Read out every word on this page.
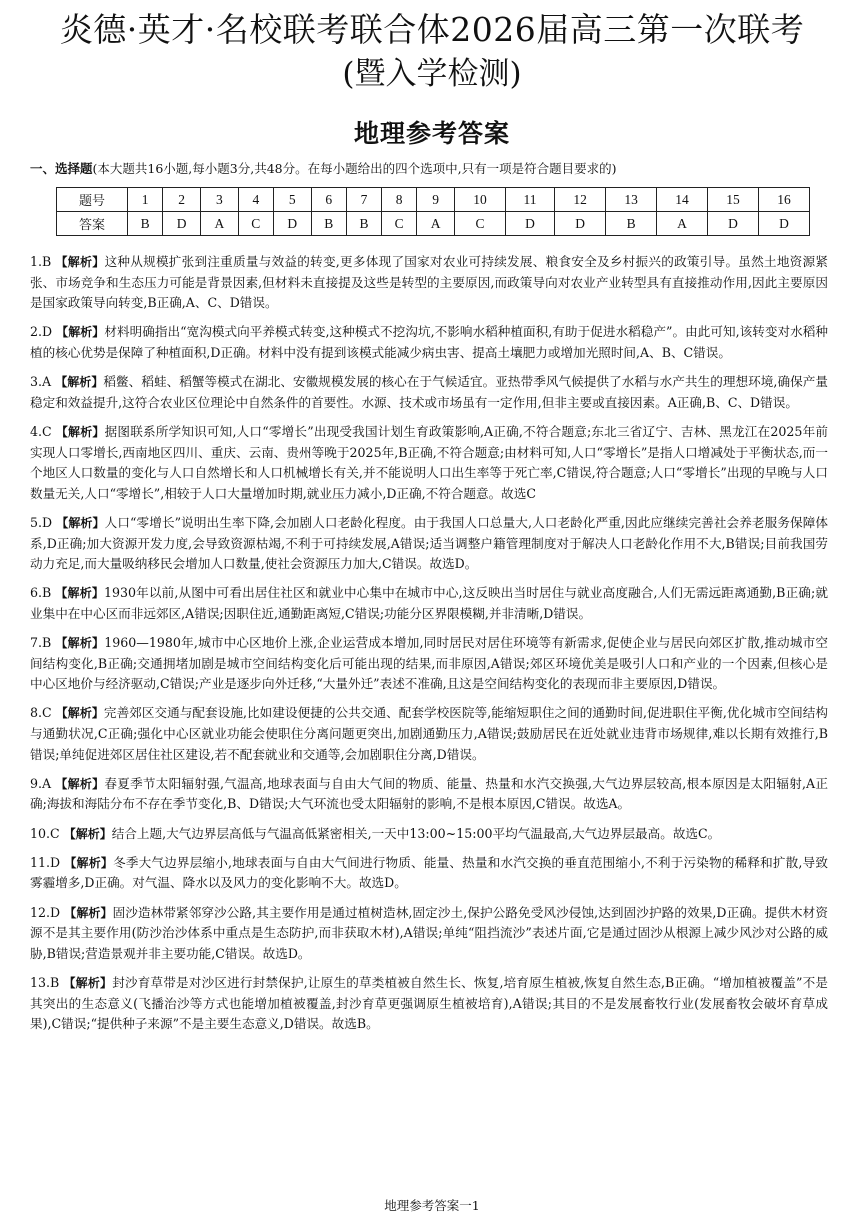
炎德·英才·名校联考联合体2026届高三第一次联考
(暨入学检测)
地理参考答案
一、选择题(本大题共16小题,每小题3分,共48分。在每小题给出的四个选项中,只有一项是符合题目要求的)
题号	1	2	3	4	5	6	7	8	9	10	11	12	13	14	15	16
答案	B	D	A	C	D	B	B	C	A	C	D	D	B	A	D	D
1.B 【解析】这种从规模扩张到注重质量与效益的转变,更多体现了国家对农业可持续发展、粮食安全及乡村振兴的政策引导。虽然土地资源紧张、市场竞争和生态压力可能是背景因素,但材料未直接提及这些是转型的主要原因,而政策导向对农业产业转型具有直接推动作用,因此主要原因是国家政策导向转变,B正确,A、C、D错误。
2.D 【解析】材料明确指出“宽沟模式向平养模式转变,这种模式不挖沟坑,不影响水稻种植面积,有助于促进水稻稳产”。由此可知,该转变对水稻种植的核心优势是保障了种植面积,D正确。材料中没有提到该模式能减少病虫害、提高土壤肥力或增加光照时间,A、B、C错误。
3.A 【解析】稻鳖、稻蛙、稻蟹等模式在湖北、安徽规模发展的核心在于气候适宜。亚热带季风气候提供了水稻与水产共生的理想环境,确保产量稳定和效益提升,这符合农业区位理论中自然条件的首要性。水源、技术或市场虽有一定作用,但非主要或直接因素。A正确,B、C、D错误。
4.C 【解析】据图联系所学知识可知,人口“零增长”出现受我国计划生育政策影响,A正确,不符合题意;东北三省辽宁、吉林、黑龙江在2025年前实现人口零增长,西南地区四川、重庆、云南、贵州等晚于2025年,B正确,不符合题意;由材料可知,人口“零增长”是指人口增减处于平衡状态,而一个地区人口数量的变化与人口自然增长和人口机械增长有关,并不能说明人口出生率等于死亡率,C错误,符合题意;人口“零增长”出现的早晚与人口数量无关,人口“零增长”,相较于人口大量增加时期,就业压力减小,D正确,不符合题意。故选C
5.D 【解析】人口“零增长”说明出生率下降,会加剧人口老龄化程度。由于我国人口总量大,人口老龄化严重,因此应继续完善社会养老服务保障体系,D正确;加大资源开发力度,会导致资源枯竭,不利于可持续发展,A错误;适当调整户籍管理制度对于解决人口老龄化作用不大,B错误;目前我国劳动力充足,而大量吸纳移民会增加人口数量,使社会资源压力加大,C错误。故选D。
6.B 【解析】1930年以前,从图中可看出居住社区和就业中心集中在城市中心,这反映出当时居住与就业高度融合,人们无需远距离通勤,B正确;就业集中在中心区而非远郊区,A错误;因职住近,通勤距离短,C错误;功能分区界限模糊,并非清晰,D错误。
7.B 【解析】1960—1980年,城市中心区地价上涨,企业运营成本增加,同时居民对居住环境等有新需求,促使企业与居民向郊区扩散,推动城市空间结构变化,B正确;交通拥堵加剧是城市空间结构变化后可能出现的结果,而非原因,A错误;郊区环境优美是吸引人口和产业的一个因素,但核心是中心区地价与经济驱动,C错误;产业是逐步向外迁移,“大量外迁”表述不准确,且这是空间结构变化的表现而非主要原因,D错误。
8.C 【解析】完善郊区交通与配套设施,比如建设便捷的公共交通、配套学校医院等,能缩短职住之间的通勤时间,促进职住平衡,优化城市空间结构与通勤状况,C正确;强化中心区就业功能会使职住分离问题更突出,加剧通勤压力,A错误;鼓励居民在近处就业违背市场规律,难以长期有效推行,B错误;单纯促进郊区居住社区建设,若不配套就业和交通等,会加剧职住分离,D错误。
9.A 【解析】春夏季节太阳辐射强,气温高,地球表面与自由大气间的物质、能量、热量和水汽交换强,大气边界层较高,根本原因是太阳辐射,A正确;海拔和海陆分布不存在季节变化,B、D错误;大气环流也受太阳辐射的影响,不是根本原因,C错误。故选A。
10.C 【解析】结合上题,大气边界层高低与气温高低紧密相关,一天中13:00~15:00平均气温最高,大气边界层最高。故选C。
11.D 【解析】冬季大气边界层缩小,地球表面与自由大气间进行物质、能量、热量和水汽交换的垂直范围缩小,不利于污染物的稀释和扩散,导致雾霾增多,D正确。对气温、降水以及风力的变化影响不大。故选D。
12.D 【解析】固沙造林带紧邻穿沙公路,其主要作用是通过植树造林,固定沙土,保护公路免受风沙侵蚀,达到固沙护路的效果,D正确。提供木材资源不是其主要作用(防沙治沙体系中重点是生态防护,而非获取木材),A错误;单纯“阻挡流沙”表述片面,它是通过固沙从根源上减少风沙对公路的威胁,B错误;营造景观并非主要功能,C错误。故选D。
13.B 【解析】封沙育草带是对沙区进行封禁保护,让原生的草类植被自然生长、恢复,培育原生植被,恢复自然生态,B正确。“增加植被覆盖”不是其突出的生态意义(飞播治沙等方式也能增加植被覆盖,封沙育草更强调原生植被培育),A错误;其目的不是发展畜牧行业(发展畜牧会破坏育草成果),C错误;“提供种子来源”不是主要生态意义,D错误。故选B。
地理参考答案一1
